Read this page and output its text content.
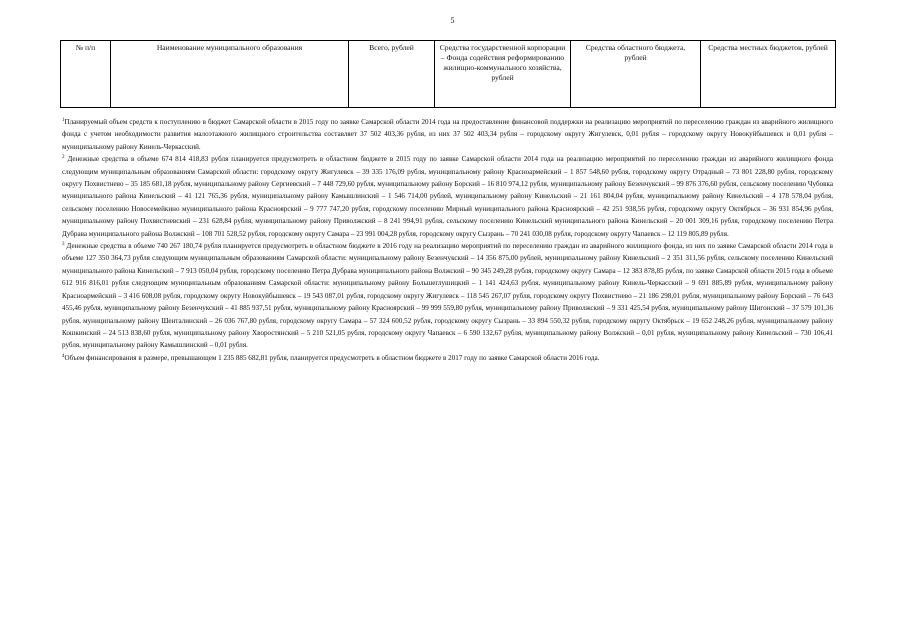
5
№ п/п	Наименование муниципального образования	Всего, рублей	Средства государственной корпорации – Фонда содействия реформированию жилищно-коммунального хозяйства, рублей	Средства областного бюджета, рублей	Средства местных бюджетов, рублей

$^1$Планируемый объем средств к поступлению в бюджет Самарской области в 2015 году по заявке Самарской области 2014 года на предоставление финансовой поддержки на реализацию мероприятий по переселению граждан из аварийного жилищного фонда с учетом необходимости развития малоэтажного жилищного строительства составляет 37 502 403,36 рубля, из них 37 502 403,34 рубля – городскому округу Жигулевск, 0,01 рубля – городскому округу Новокуйбышевск и 0,01 рубля – муниципальному району Кинель-Черкасский.

$^2$ Денежные средства в объеме 674 814 418,83 рубля планируется предусмотреть в областном бюджете в 2015 году по заявке Самарской области 2014 года на реализацию мероприятий по переселению граждан из аварийного жилищного фонда следующим муниципальным образованиям Самарской области: городскому округу Жигулевск – 39 335 176,09 рубля, муниципальному району Красноармейский – 1 857 548,60 рубля, городскому округу Отрадный – 73 801 228,80 рубля, городскому округу Похвистнево – 35 185 681,18 рубля, муниципальному району Сергиевский – 7 448 729,60 рубля, муниципальному району Борский – 16 810 974,12 рубля, муниципальному району Безенчукский – 99 876 376,60 рубля, сельскому поселению Чубовка муниципального района Кинельский – 41 121 765,36 рубля, муниципальному району Камышлинский – 1 546 714,00 рублей, муниципальному району Кинельский – 21 161 804,04 рубля, муниципальному району Кинельский – 4 178 578,04 рубля, сельскому поселению Новосемейкино муниципального района Красноярский – 9 777 747,20 рубля, городскому поселению Мирный муниципального района Красноярский – 42 251 938,56 рубля, городскому округу Октябрьск – 36 931 854,96 рубля, муниципальному району Похвистневский – 231 628,84 рубля, муниципальному району Приволжский – 8 241 994,91 рубля, сельскому поселению Кинельский муниципального района Кинельский – 20 001 309,16 рубля, городскому поселению Петра Дубрава муниципального района Волжский – 108 701 528,52 рубля, городскому округу Самара – 23 991 004,28 рубля, городскому округу Сызрань – 70 241 030,08 рубля, городскому округу Чапаевск – 12 119 805,89 рубля.

$^3$ Денежные средства в объеме 740 267 180,74 рубля планируется предусмотреть в областном бюджете в 2016 году на реализацию мероприятий по переселению граждан из аварийного жилищного фонда, из них по заявке Самарской области 2014 года в объеме 127 350 364,73 рубля следующим муниципальным образованиям Самарской области: муниципальному району Безенчукский – 14 356 875,00 рублей, муниципальному району Кинельский – 2 351 311,56 рубля, сельскому поселению Кинельский муниципального района Кинельский – 7 913 050,04 рубля, городскому поселению Петра Дубрава муниципального района Волжский – 90 345 249,28 рубля, городскому округу Самара – 12 383 878,85 рубля, по заявке Самарской области 2015 года в объеме 612 916 816,01 рубля следующим муниципальным образованиям Самарской области: муниципальному району Большеглушицкий – 1 141 424,63 рубля, муниципальному району Кинель-Черкасский – 9 691 885,89 рубля, муниципальному району Красноармейский – 3 416 608,08 рубля, городскому округу Новокуйбышевск – 19 543 087,01 рубля, городскому округу Жигулевск – 118 545 267,07 рубля, городскому округу Похвистнево – 21 186 298,01 рубля, муниципальному району Борский – 76 643 455,46 рубля, муниципальному району Безенчукский – 41 885 937,51 рубля, муниципальному району Красноярский – 99 999 559,80 рубля, муниципальному району Приволжский – 9 331 425,54 рубля, муниципальному району Шигонский – 37 579 101,36 рубля, муниципальному району Шенталинский – 26 036 767,80 рубля, городскому округу Самара – 57 324 600,52 рубля, городскому округу Сызрань – 33 894 550,32 рубля, городскому округу Октябрьск – 19 652 248,26 рубля, муниципальному району Кошкинский – 24 513 838,60 рубля, муниципальному району Хворостянский – 5 210 521,05 рубля, городскому округу Чапаевск – 6 590 132,67 рубля, муниципальному району Волжский – 0,01 рубля, муниципальному району Кинельский – 730 106,41 рубля, муниципальному району Камышлинский – 0,01 рубля.

$^4$Объем финансирования в размере, превышающем 1 235 885 682,81 рубля, планируется предусмотреть в областном бюджете в 2017 году по заявке Самарской области 2016 года.
